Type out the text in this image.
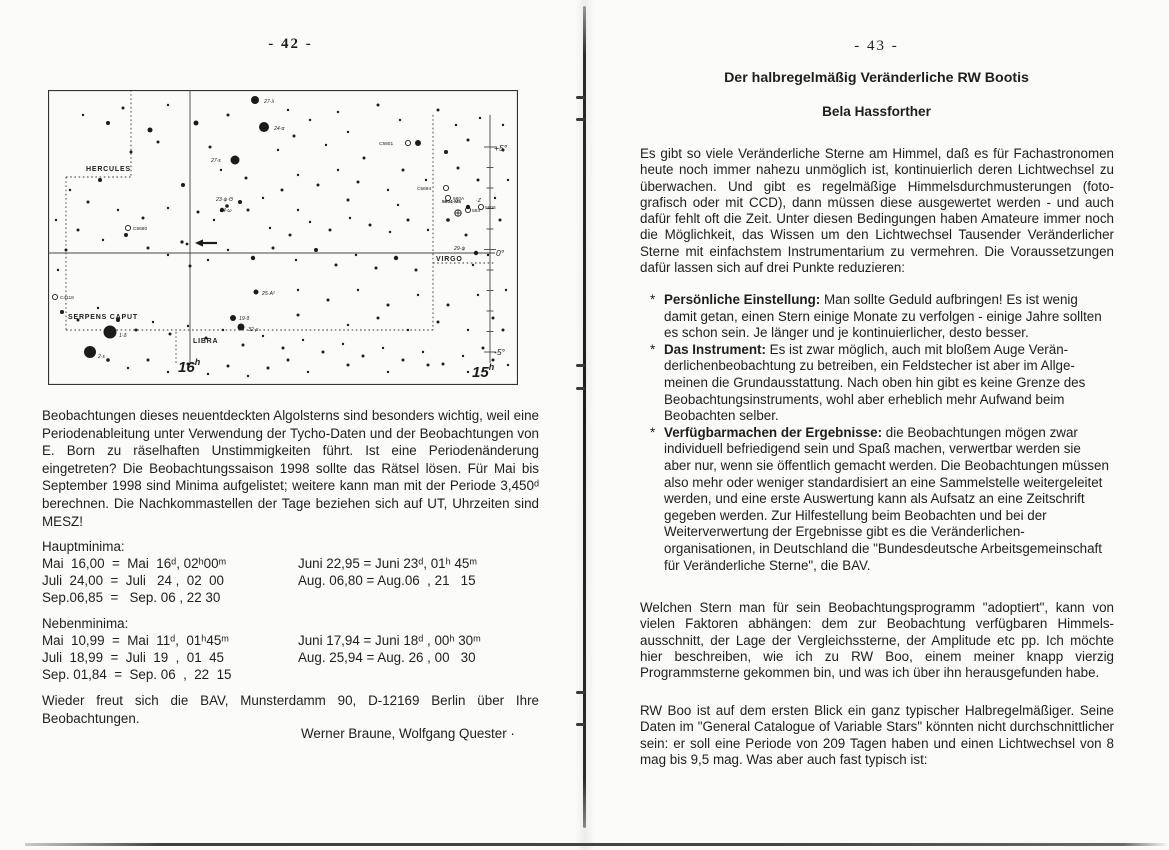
- 42 -
C5801
C5694
580A
583
5806
C5680
C4118
5904·M5
27·λ
24·α
27·ε
23·ψ·Θ
24·ω
25·A²
19·δ
32·μ
1·δ
2·ε
29·ψ
·Z
HERCULES
SERPENS CAPUT
LIBRA
VIRGO
+5°
0°
-5°
16$^h$
15$^h$

Beobachtungen dieses neuentdeckten Algolsterns sind besonders wichtig, weil eine Periodenableitung unter Verwendung der Tycho-Daten und der Beobachtungen von E. Born zu räselhaften Unstimmigkeiten führt. Ist eine Periodenänderung eingetreten? Die Beobachtungssaison 1998 sollte das Rätsel lösen. Für Mai bis September 1998 sind Minima aufgelistet; weitere kann man mit der Periode 3,450ᵈ berechnen. Die Nachkommastellen der Tage beziehen sich auf UT, Uhrzeiten sind MESZ!

Hauptminima:
Mai  16,00  =  Mai  16ᵈ, 02ʰ00ᵐ	Juni 22,95 = Juni 23ᵈ, 01ʰ 45ᵐ
Juli  24,00  =  Juli   24 ,  02  00	Aug. 06,80 = Aug.06  , 21   15
Sep.06,85  =   Sep. 06 , 22 30
Nebenminima:
Mai  10,99  =  Mai  11ᵈ,  01ʰ45ᵐ	Juni 17,94 = Juni 18ᵈ , 00ʰ 30ᵐ
Juli  18,99  =  Juli  19  ,  01  45	Aug. 25,94 = Aug. 26 , 00   30
Sep. 01,84  =  Sep. 06  ,  22  15

Wieder freut sich die BAV, Munsterdamm 90, D-12169 Berlin über Ihre Beobachtungen.

Werner Braune, Wolfgang Quester ·
- 43 -
Der halbregelmäßig Veränderliche RW Bootis
Bela Hassforther

Es gibt so viele Veränderliche Sterne am Himmel, daß es für Fachastronomen heute noch immer nahezu unmöglich ist, kontinuierlich deren Lichtwechsel zu überwachen. Und gibt es regelmäßige Himmelsdurchmusterungen (foto-grafisch oder mit CCD), dann müssen diese ausgewertet werden - und auch dafür fehlt oft die Zeit. Unter diesen Bedingungen haben Amateure immer noch die Möglichkeit, das Wissen um den Lichtwechsel Tausender Veränderlicher Sterne mit einfachstem Instrumentarium zu vermehren. Die Voraussetzungen dafür lassen sich auf drei Punkte reduzieren:

* Persönliche Einstellung: Man sollte Geduld aufbringen! Es ist wenig damit getan, einen Stern einige Monate zu verfolgen - einige Jahre sollten es schon sein. Je länger und je kontinuierlicher, desto besser.
* Das Instrument: Es ist zwar möglich, auch mit bloßem Auge Verän-derlichenbeobachtung zu betreiben, ein Feldstecher ist aber im Allge-meinen die Grundausstattung. Nach oben hin gibt es keine Grenze des Beobachtungsinstruments, wohl aber erheblich mehr Aufwand beim Beobachten selber.
* Verfügbarmachen der Ergebnisse: die Beobachtungen mögen zwar individuell befriedigend sein und Spaß machen, verwertbar werden sie aber nur, wenn sie öffentlich gemacht werden. Die Beobachtungen müssen also mehr oder weniger standardisiert an eine Sammelstelle weitergeleitet werden, und eine erste Auswertung kann als Aufsatz an eine Zeitschrift gegeben werden. Zur Hilfestellung beim Beobachten und bei der Weiterverwertung der Ergebnisse gibt es die Veränderlichen-organisationen, in Deutschland die "Bundesdeutsche Arbeitsgemeinschaft für Veränderliche Sterne", die BAV.

Welchen Stern man für sein Beobachtungsprogramm "adoptiert", kann von vielen Faktoren abhängen: dem zur Beobachtung verfügbaren Himmels-ausschnitt, der Lage der Vergleichssterne, der Amplitude etc pp. Ich möchte hier beschreiben, wie ich zu RW Boo, einem meiner knapp vierzig Programmsterne gekommen bin, und was ich über ihn herausgefunden habe.

RW Boo ist auf dem ersten Blick ein ganz typischer Halbregelmäßiger. Seine Daten im "General Catalogue of Variable Stars" könnten nicht durchschnittlicher sein: er soll eine Periode von 209 Tagen haben und einen Lichtwechsel von 8 mag bis 9,5 mag. Was aber auch fast typisch ist:
